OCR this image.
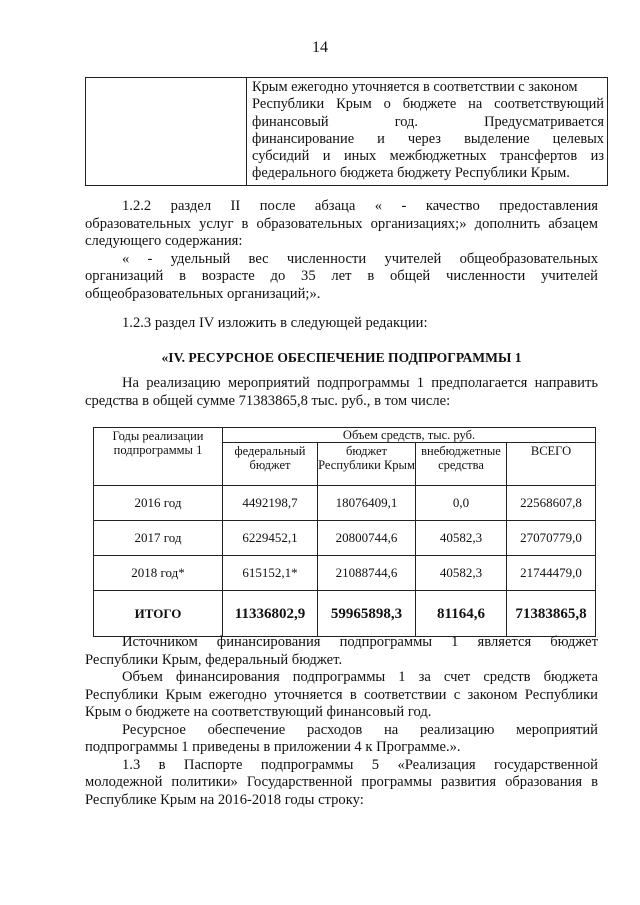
14

Крым ежегодно уточняется в соответствии с законом
Республики Крым о бюджете на соответствующий
финансовый год. Предусматривается
финансирование и через выделение целевых
субсидий и иных межбюджетных трансфертов из
федерального бюджета бюджету Республики Крым.
1.2.2 раздел II после абзаца « - качество предоставления
образовательных услуг в образовательных организациях;» дополнить абзацем
следующего содержания:
« - удельный вес численности учителей общеобразовательных
организаций в возрасте до 35 лет в общей численности учителей
общеобразовательных организаций;».
1.2.3 раздел IV изложить в следующей редакции:
«IV. РЕСУРСНОЕ ОБЕСПЕЧЕНИЕ ПОДПРОГРАММЫ 1
На реализацию мероприятий подпрограммы 1 предполагается направить
средства в общей сумме 71383865,8 тыс. руб., в том числе:
Годы реализации подпрограммы 1	Объем средств, тыс. руб.			
	федеральный бюджет	бюджет Республики Крым	внебюджетные средства	ВСЕГО
2016 год	4492198,7	18076409,1	0,0	22568607,8
2017 год	6229452,1	20800744,6	40582,3	27070779,0
2018 год*	615152,1*	21088744,6	40582,3	21744479,0
ИТОГО	11336802,9	59965898,3	81164,6	71383865,8
Источником финансирования подпрограммы 1 является бюджет
Республики Крым, федеральный бюджет.
Объем финансирования подпрограммы 1 за счет средств бюджета
Республики Крым ежегодно уточняется в соответствии с законом Республики
Крым о бюджете на соответствующий финансовый год.
Ресурсное обеспечение расходов на реализацию мероприятий
подпрограммы 1 приведены в приложении 4 к Программе.».
1.3 в Паспорте подпрограммы 5 «Реализация государственной
молодежной политики» Государственной программы развития образования в
Республике Крым на 2016-2018 годы строку:
